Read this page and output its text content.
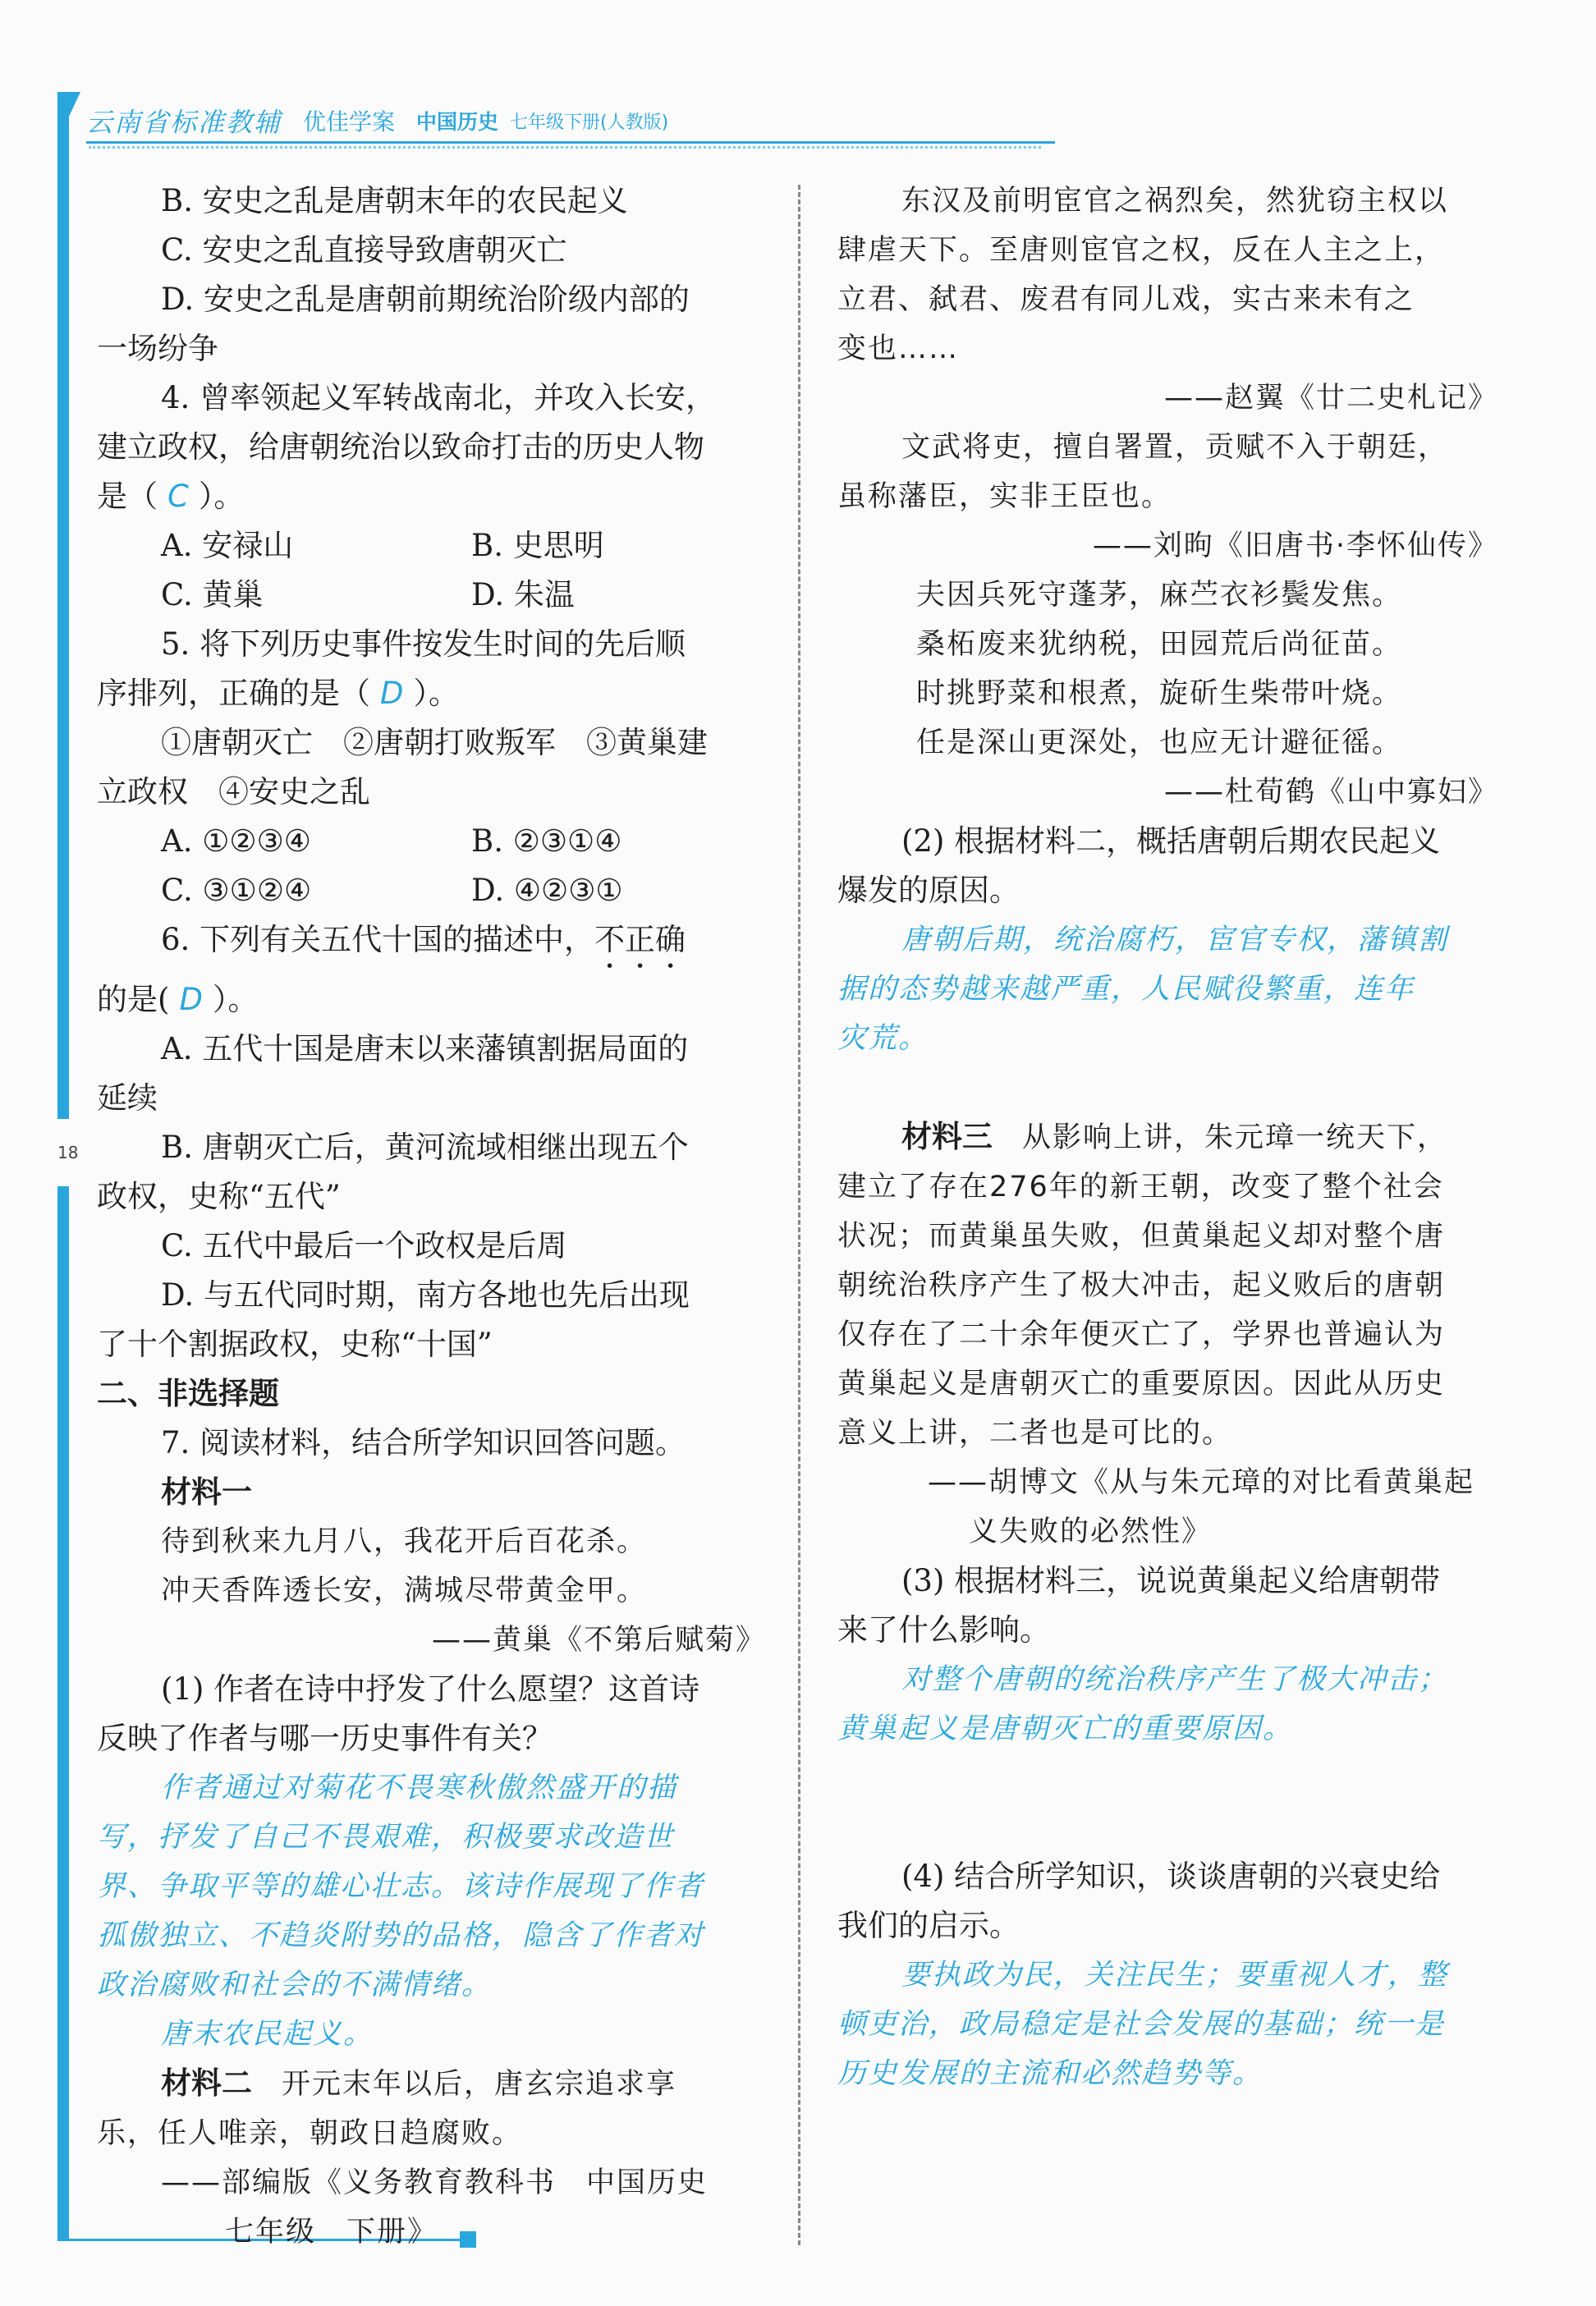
云南省标准教辅 优佳学案 中国历史 七年级下册(人教版)
18

B. 安史之乱是唐朝末年的农民起义

C. 安史之乱直接导致唐朝灭亡

D. 安史之乱是唐朝前期统治阶级内部的

一场纷争

4. 曾率领起义军转战南北，并攻入长安，

建立政权，给唐朝统治以致命打击的历史人物

是（ C ）。

A. 安禄山	B. 史思明

C. 黄巢	D. 朱温

5. 将下列历史事件按发生时间的先后顺

序排列，正确的是（ D ）。

①唐朝灭亡　②唐朝打败叛军　③黄巢建

立政权　④安史之乱

A. ①②③④	B. ②③①④

C. ③①②④	D. ④②③①

6. 下列有关五代十国的描述中，不正确

的是( D ）。

A. 五代十国是唐末以来藩镇割据局面的

延续

B. 唐朝灭亡后，黄河流域相继出现五个

政权，史称“五代”

C. 五代中最后一个政权是后周

D. 与五代同时期，南方各地也先后出现

了十个割据政权，史称“十国”

二、非选择题

7. 阅读材料，结合所学知识回答问题。

材料一

待到秋来九月八，我花开后百花杀。

冲天香阵透长安，满城尽带黄金甲。

——黄巢《不第后赋菊》

(1) 作者在诗中抒发了什么愿望？这首诗

反映了作者与哪一历史事件有关？

作者通过对菊花不畏寒秋傲然盛开的描

写，抒发了自己不畏艰难，积极要求改造世

界、争取平等的雄心壮志。该诗作展现了作者

孤傲独立、不趋炎附势的品格，隐含了作者对

政治腐败和社会的不满情绪。

唐末农民起义。

材料二 开元末年以后，唐玄宗追求享

乐，任人唯亲，朝政日趋腐败。

——部编版《义务教育教科书　中国历史

七年级　下册》

东汉及前明宦官之祸烈矣，然犹窃主权以

肆虐天下。至唐则宦官之权，反在人主之上，

立君、弑君、废君有同儿戏，实古来未有之

变也……

——赵翼《廿二史札记》

文武将吏，擅自署置，贡赋不入于朝廷，

虽称藩臣，实非王臣也。

——刘昫《旧唐书·李怀仙传》

夫因兵死守蓬茅，麻苎衣衫鬓发焦。

桑柘废来犹纳税，田园荒后尚征苗。

时挑野菜和根煮，旋斫生柴带叶烧。

任是深山更深处，也应无计避征徭。

——杜荀鹤《山中寡妇》

(2) 根据材料二，概括唐朝后期农民起义

爆发的原因。

唐朝后期，统治腐朽，宦官专权，藩镇割

据的态势越来越严重，人民赋役繁重，连年

灾荒。

材料三 从影响上讲，朱元璋一统天下，

建立了存在276年的新王朝，改变了整个社会

状况；而黄巢虽失败，但黄巢起义却对整个唐

朝统治秩序产生了极大冲击，起义败后的唐朝

仅存在了二十余年便灭亡了，学界也普遍认为

黄巢起义是唐朝灭亡的重要原因。因此从历史

意义上讲，二者也是可比的。

——胡博文《从与朱元璋的对比看黄巢起

义失败的必然性》

(3) 根据材料三，说说黄巢起义给唐朝带

来了什么影响。

对整个唐朝的统治秩序产生了极大冲击；

黄巢起义是唐朝灭亡的重要原因。

(4) 结合所学知识，谈谈唐朝的兴衰史给

我们的启示。

要执政为民，关注民生；要重视人才，整

顿吏治，政局稳定是社会发展的基础；统一是

历史发展的主流和必然趋势等。
